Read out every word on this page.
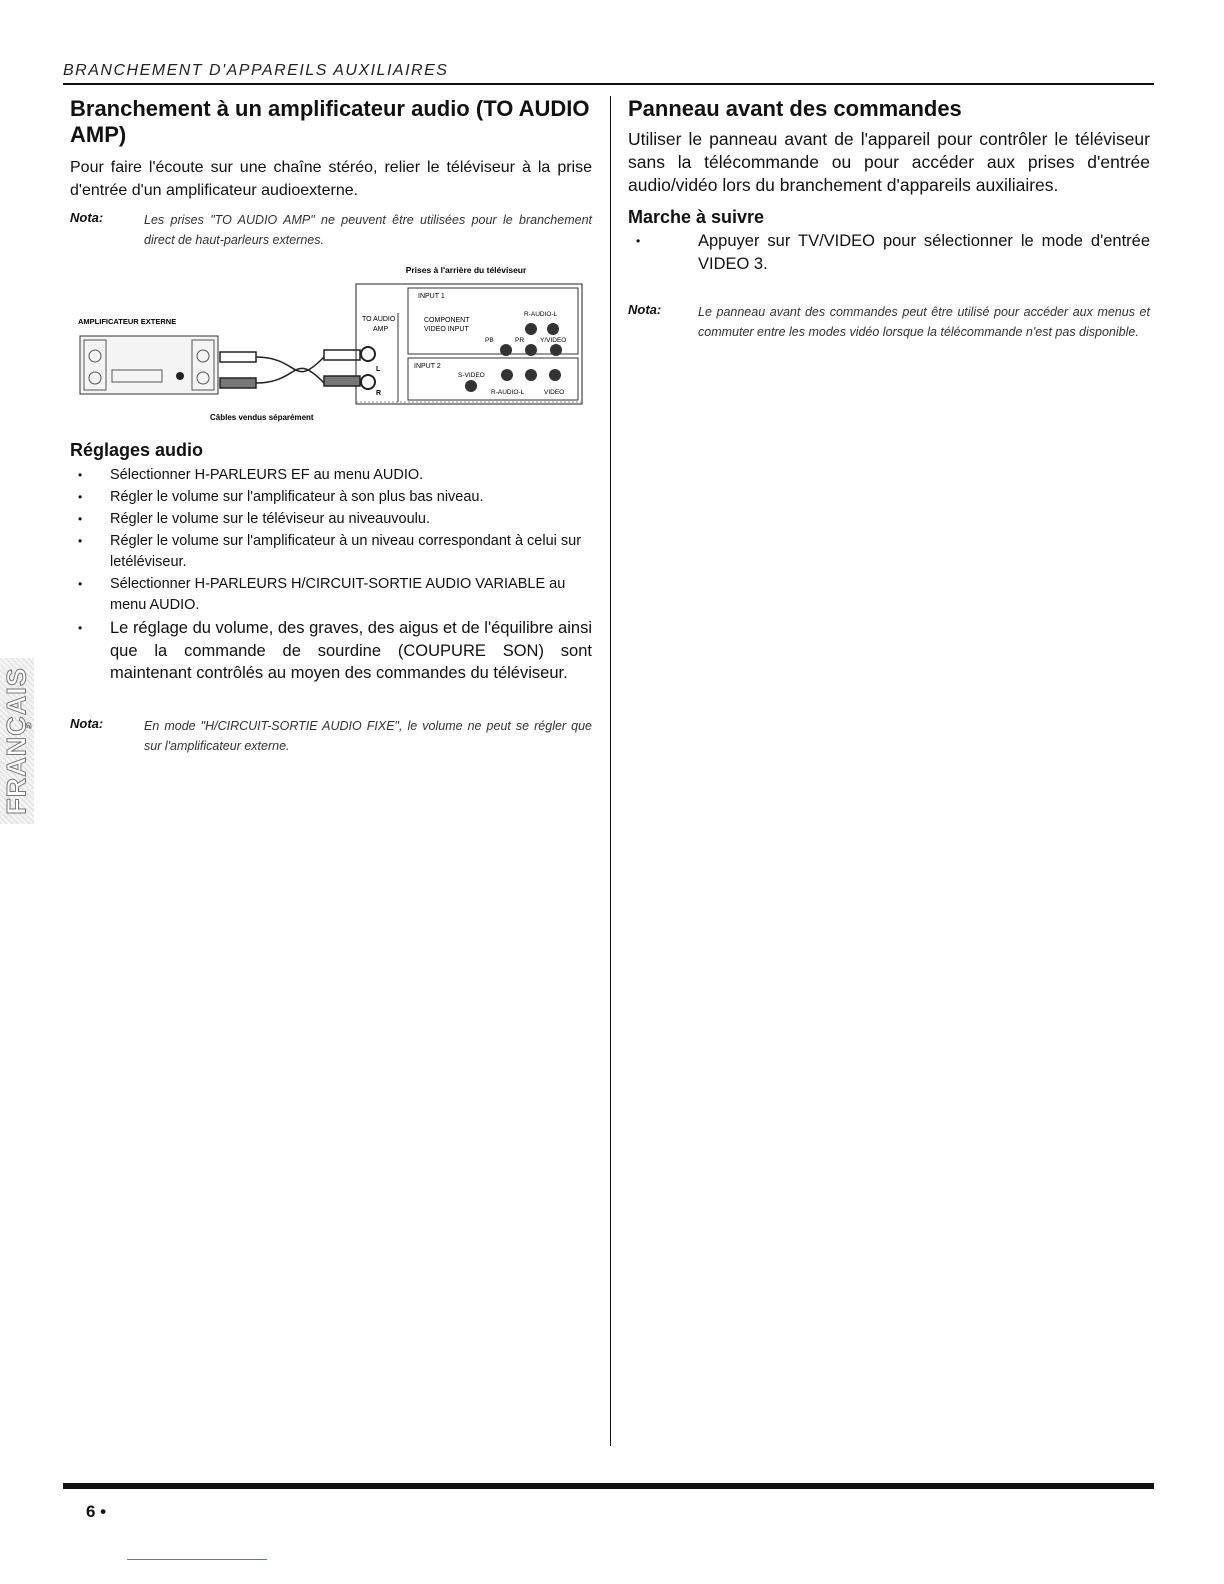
BRANCHEMENT D'APPAREILS AUXILIAIRES
Branchement à un amplificateur audio (TO AUDIO AMP)
Pour faire l'écoute sur une chaîne stéréo, relier le téléviseur à la prise d'entrée d'un amplificateur audioexterne.
Nota:	Les prises "TO AUDIO AMP" ne peuvent être utilisées pour le branchement direct de haut-parleurs externes.
Prises à l'arrière du téléviseur
INPUT 1
TO AUDIO
AMP
COMPONENT
VIDEO INPUT
R-AUDIO-L
PB	PR Y/VIDEO
INPUT 2
S-VIDEO
R-AUDIO-L	VIDEO
L
R
AMPLIFICATEUR EXTERNE
Câbles vendus séparément
Réglages audio
• Sélectionner H-PARLEURS EF au menu AUDIO.
• Régler le volume sur l'amplificateur à son plus bas niveau.
• Régler le volume sur le téléviseur au niveauvoulu.
• Régler le volume sur l'amplificateur à un niveau correspondant à celui sur letéléviseur.
• Sélectionner H-PARLEURS H/CIRCUIT-SORTIE AUDIO VARIABLE au menu AUDIO.
• Le réglage du volume, des graves, des aigus et de l'équilibre ainsi que la commande de sourdine (COUPURE SON) sont maintenant contrôlés au moyen des commandes du téléviseur.
Nota:	En mode "H/CIRCUIT-SORTIE AUDIO FIXE", le volume ne peut se régler que sur l'amplificateur externe.
Panneau avant des commandes
Utiliser le panneau avant de l'appareil pour contrôler le téléviseur sans la télécommande ou pour accéder aux prises d'entrée audio/vidéo lors du branchement d'appareils auxiliaires.
Marche à suivre
• Appuyer sur TV/VIDEO pour sélectionner le mode d'entrée VIDEO 3.
Nota:	Le panneau avant des commandes peut être utilisé pour accéder aux menus et commuter entre les modes vidéo lorsque la télécommande n'est pas disponible.
FRANÇAIS
6 •
